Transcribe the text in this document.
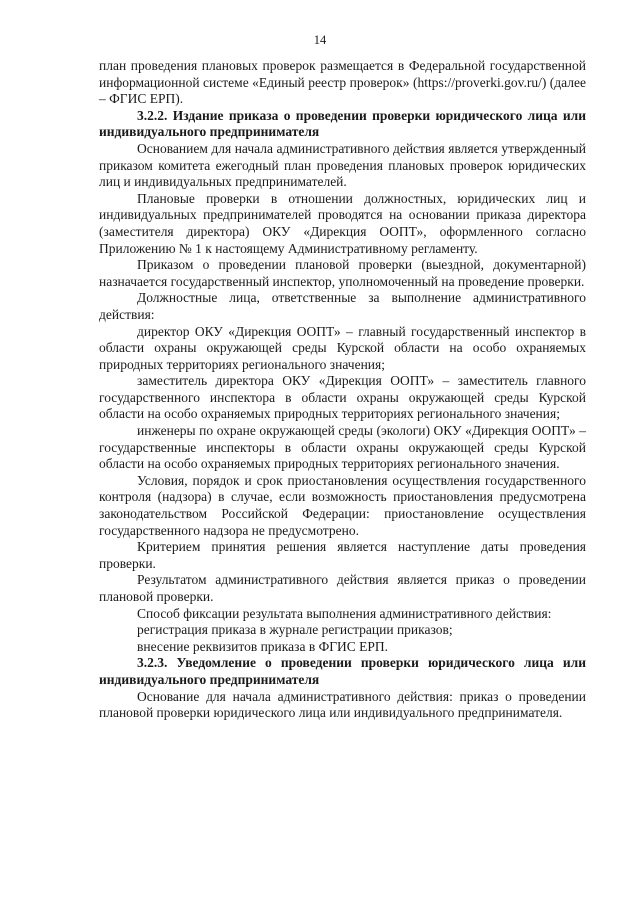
14

план проведения плановых проверок размещается в Федеральной государственной информационной системе «Единый реестр проверок» (https://proverki.gov.ru/) (далее – ФГИС ЕРП).

3.2.2. Издание приказа о проведении проверки юридического лица или индивидуального предпринимателя

Основанием для начала административного действия является утвержденный приказом комитета ежегодный план проведения плановых проверок юридических лиц и индивидуальных предпринимателей.

Плановые проверки в отношении должностных, юридических лиц и индивидуальных предпринимателей проводятся на основании приказа директора (заместителя директора) ОКУ «Дирекция ООПТ», оформленного согласно Приложению № 1 к настоящему Административному регламенту.

Приказом о проведении плановой проверки (выездной, документарной) назначается государственный инспектор, уполномоченный на проведение проверки.

Должностные лица, ответственные за выполнение административного действия:

директор ОКУ «Дирекция ООПТ» – главный государственный инспектор в области охраны окружающей среды Курской области на особо охраняемых природных территориях регионального значения;

заместитель директора ОКУ «Дирекция ООПТ» – заместитель главного государственного инспектора в области охраны окружающей среды Курской области на особо охраняемых природных территориях регионального значения;

инженеры по охране окружающей среды (экологи) ОКУ «Дирекция ООПТ» – государственные инспекторы в области охраны окружающей среды Курской области на особо охраняемых природных территориях регионального значения.

Условия, порядок и срок приостановления осуществления государственного контроля (надзора) в случае, если возможность приостановления предусмотрена законодательством Российской Федерации: приостановление осуществления государственного надзора не предусмотрено.

Критерием принятия решения является наступление даты проведения проверки.

Результатом административного действия является приказ о проведении плановой проверки.

Способ фиксации результата выполнения административного действия:

регистрация приказа в журнале регистрации приказов;

внесение реквизитов приказа в ФГИС ЕРП.

3.2.3. Уведомление о проведении проверки юридического лица или индивидуального предпринимателя

Основание для начала административного действия: приказ о проведении плановой проверки юридического лица или индивидуального предпринимателя.
